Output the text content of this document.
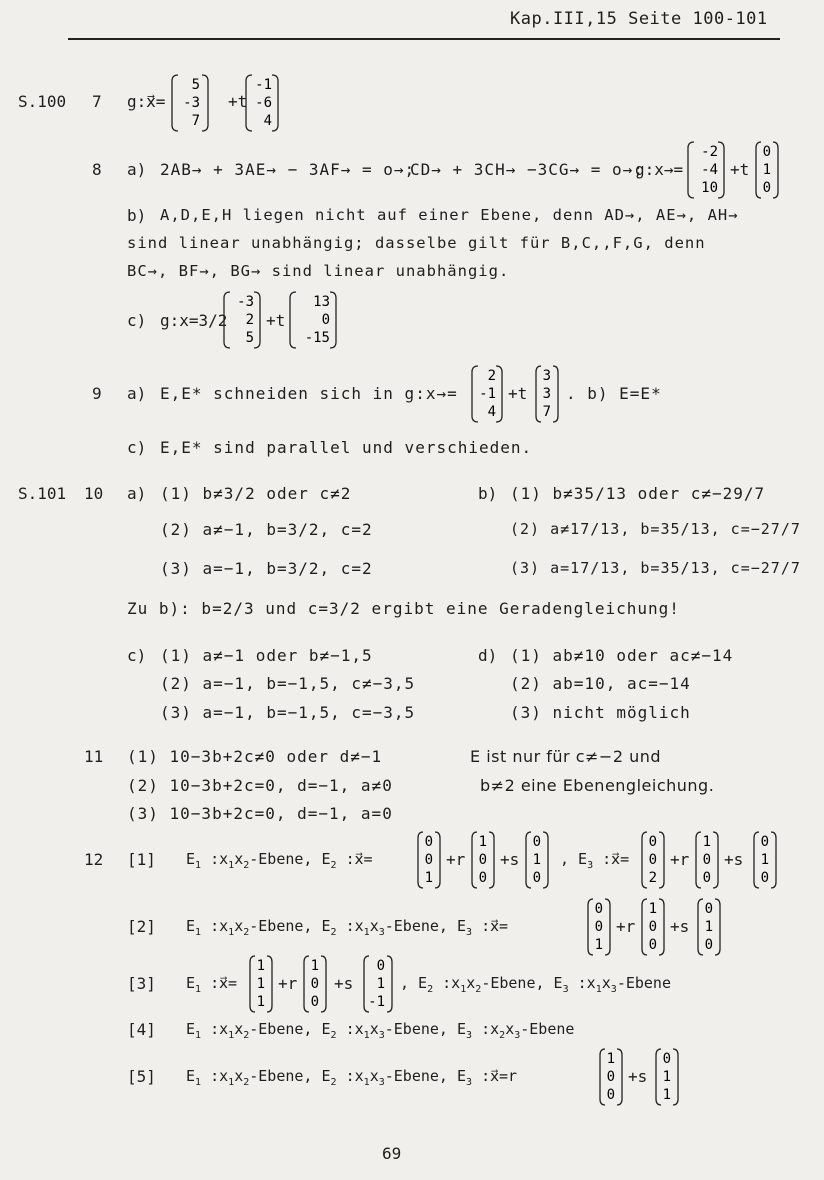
Kap.III,15 Seite 100-101
S.100
S.101
7 g:x⃗=	+t
5
-3
7
-1
-6
4
8 a) 2AB→ + 3AE→ − 3AF→ = o→;
CD→ + 3CH→ −3CG→ = o→;
g:x→=
-2
-4
10
+t
0
1
0
b) A,D,E,H liegen nicht auf einer Ebene, denn AD→, AE→, AH→
sind linear unabhängig; dasselbe gilt für B,C,,F,G, denn
BC→, BF→, BG→ sind linear unabhängig.
c) g:x=3/2
-3
2
5
+t
13
0
-15
9 a) E,E* schneiden sich in g:x→=
2
-1
4
+t
3
3
7
. b) E=E*
c) E,E* sind parallel und verschieden.
10 a) (1) b≠3/2 oder c≠2
(2) a≠−1, b=3/2, c=2
(3) a=−1, b=3/2, c=2
b) (1) b≠35/13 oder c≠−29/7
(2) a≠17/13, b=35/13, c=−27/7
(3) a=17/13, b=35/13, c=−27/7
Zu b): b=2/3 und c=3/2 ergibt eine Geradengleichung!
c) (1) a≠−1 oder b≠−1,5
(2) a=−1, b=−1,5, c≠−3,5
(3) a=−1, b=−1,5, c=−3,5
d) (1) ab≠10 oder ac≠−14
(2) ab=10, ac=−14
(3) nicht möglich
11 (1) 10−3b+2c≠0 oder d≠−1
(2) 10−3b+2c=0, d=−1, a≠0
(3) 10−3b+2c=0, d=−1, a=0
E ist nur für c≠−2 und
b≠2 eine Ebenengleichung.
12 [1] $E_1$ $:x_1x_2$-Ebene, $E_2$ :x⃗=
0
0
1
+r
1
0
0
+s
0
1
0
, $E_3$ :x⃗=
0
0
2
+r
1
0
0
+s
0
1
0
[2] $E_1$ $:x_1x_2$-Ebene, $E_2$ $:x_1x_3$-Ebene, $E_3$ :x⃗=
0
0
1
+r
1
0
0
+s
0
1
0
[3] $E_1$ :x⃗=
1
1
1
+r
1
0
0
+s
0
1
-1
, $E_2$ $:x_1x_2$-Ebene, $E_3$ $:x_1x_3$-Ebene
[4] $E_1$ $:x_1x_2$-Ebene, $E_2$ $:x_1x_3$-Ebene, $E_3$ $:x_2x_3$-Ebene
[5] $E_1$ $:x_1x_2$-Ebene, $E_2$ $:x_1x_3$-Ebene, $E_3$ :x⃗=r
1
0
0
+s
0
1
1
69
